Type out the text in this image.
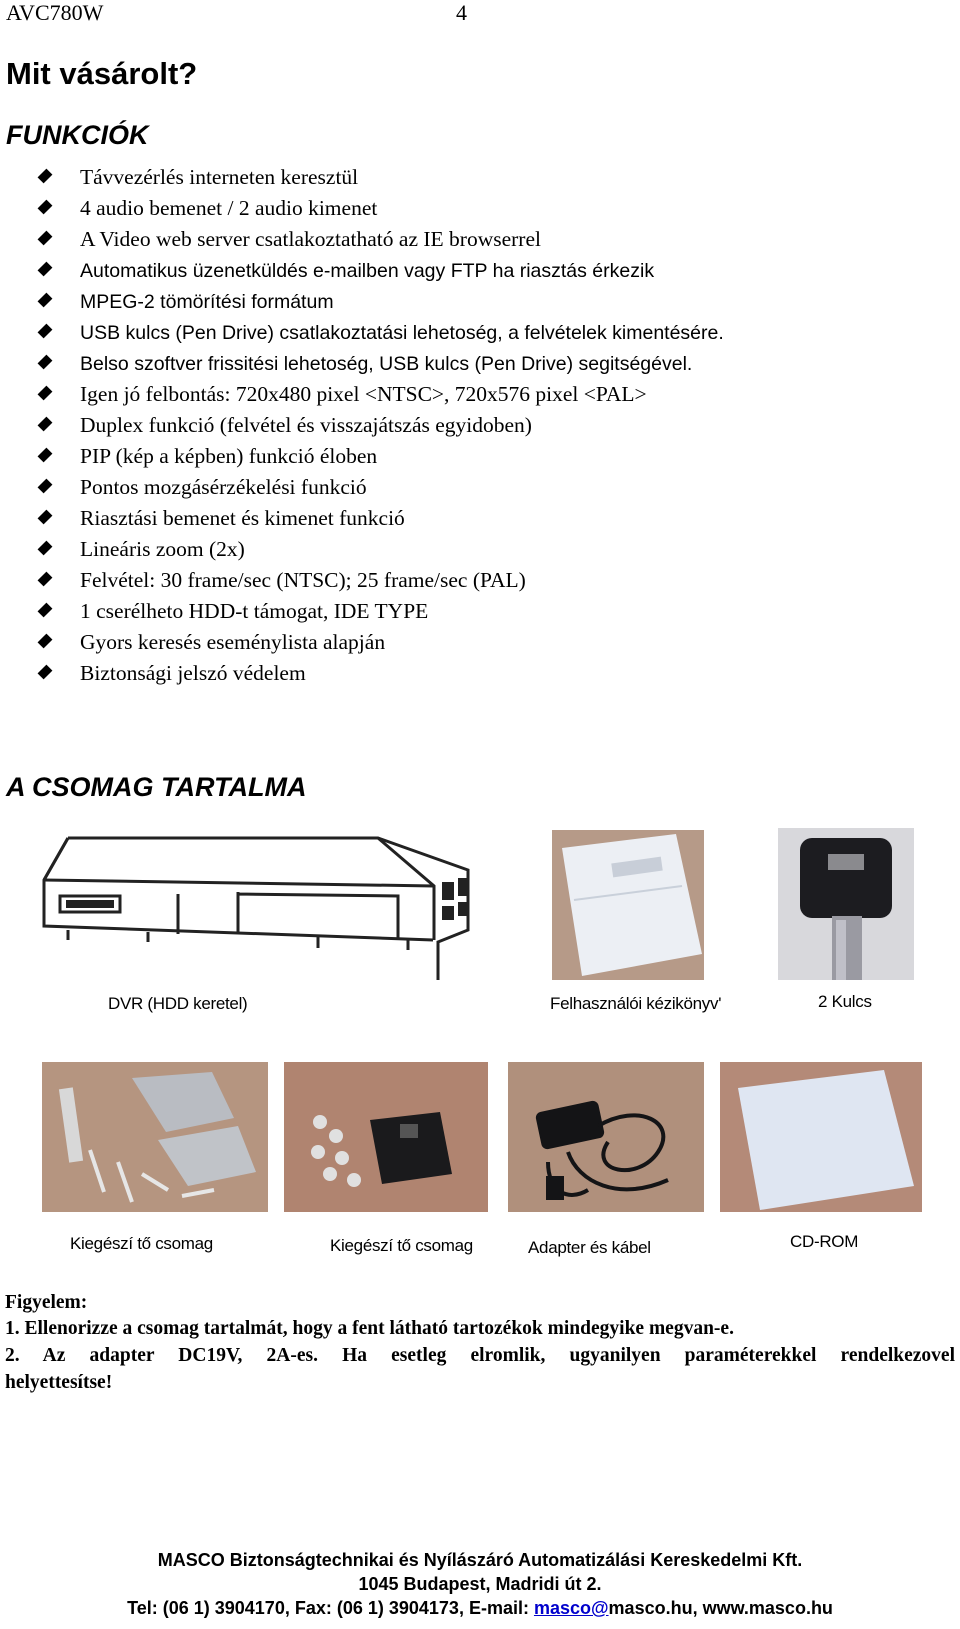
AVC780W	4
Mit vásárolt?
FUNKCIÓK
Távvezérlés interneten keresztül
4 audio bemenet / 2 audio kimenet
A Video web server csatlakoztatható az IE browserrel
Automatikus üzenetküldés e-mailben vagy FTP ha riasztás érkezik
MPEG-2 tömörítési formátum
USB kulcs (Pen Drive) csatlakoztatási lehetoség, a felvételek kimentésére.
Belso szoftver frissitési lehetoség, USB kulcs (Pen Drive) segitségével.
Igen jó felbontás: 720x480 pixel <NTSC>, 720x576 pixel <PAL>
Duplex funkció (felvétel és visszajátszás egyidoben)
PIP (kép a képben) funkció éloben
Pontos mozgásérzékelési funkció
Riasztási bemenet és kimenet funkció
Lineáris zoom (2x)
Felvétel: 30 frame/sec (NTSC); 25 frame/sec (PAL)
1 cserélheto HDD-t támogat, IDE TYPE
Gyors keresés eseménylista alapján
Biztonsági jelszó védelem
A CSOMAG TARTALMA
DVR (HDD keretel)	Felhasználói kézikönyv'	2 Kulcs
Kiegészí tő csomag	Kiegészí tő csomag	Adapter és kábel	CD-ROM
Figyelem:
1. Ellenorizze a csomag tartalmát, hogy a fent látható tartozékok mindegyike megvan-e.
2. Az adapter DC19V, 2A-es. Ha esetleg elromlik, ugyanilyen paraméterekkel rendelkezovel
helyettesítse!
MASCO Biztonságtechnikai és Nyílászáró Automatizálási Kereskedelmi Kft.
1045 Budapest, Madridi út 2.
Tel: (06 1) 3904170, Fax: (06 1) 3904173, E-mail: masco@masco.hu, www.masco.hu
